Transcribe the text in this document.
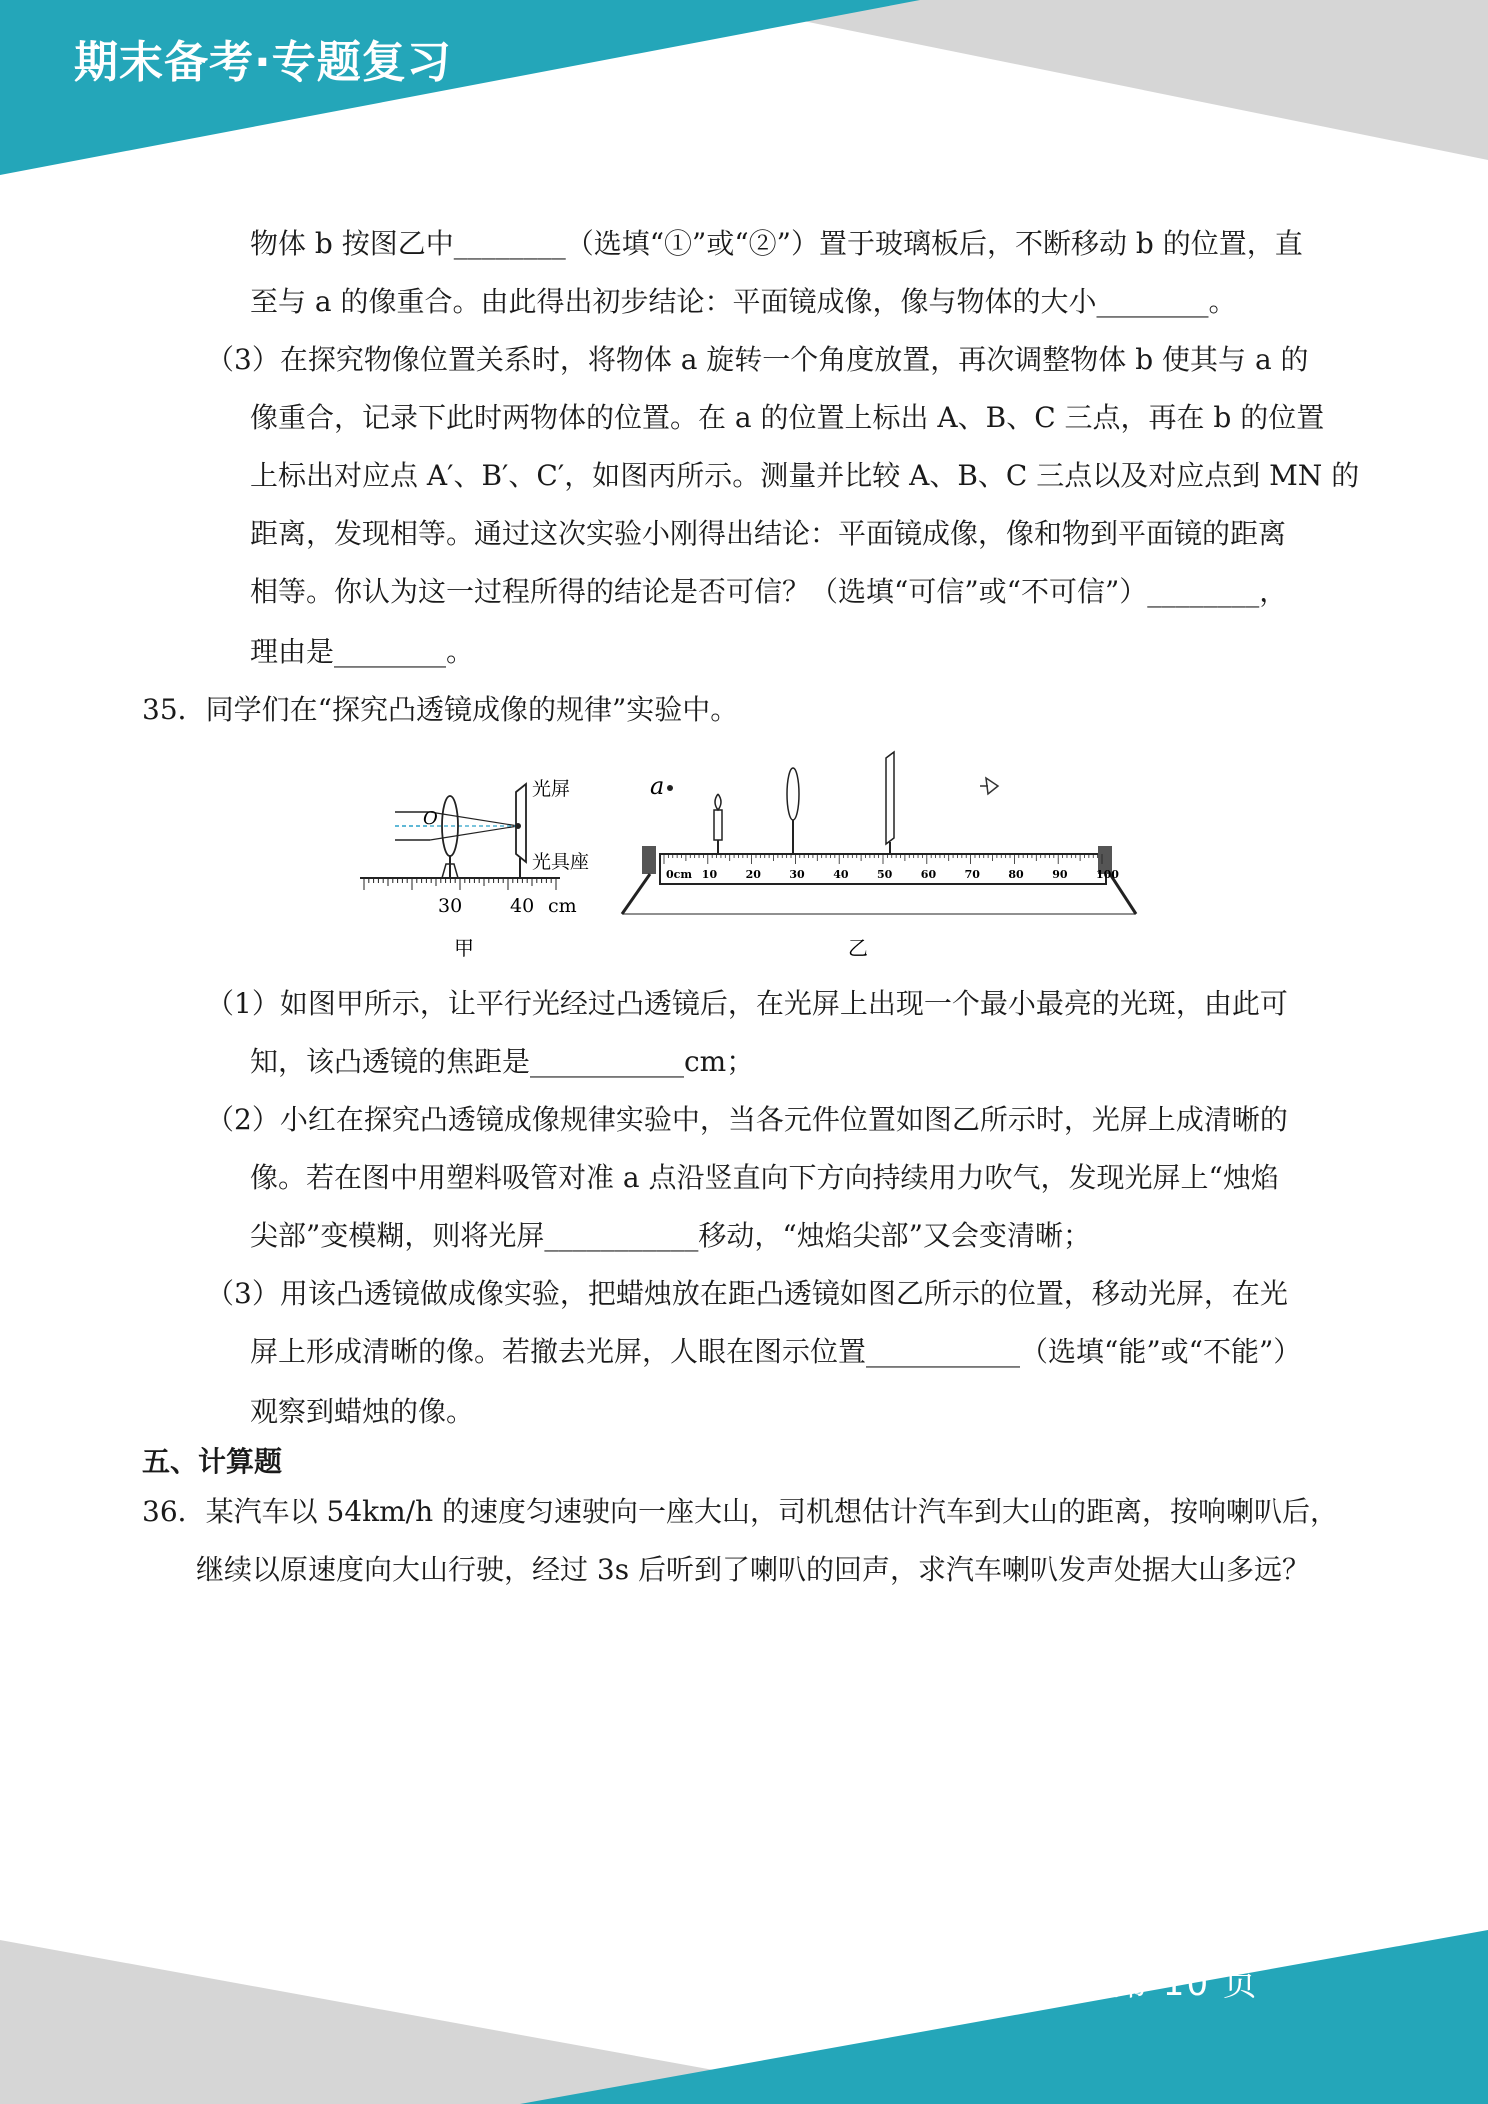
期末备考·专题复习
物体 b 按图乙中________（选填“①”或“②”）置于玻璃板后，不断移动 b 的位置，直
至与 a 的像重合。由此得出初步结论：平面镜成像，像与物体的大小________。
（3）在探究物像位置关系时，将物体 a 旋转一个角度放置，再次调整物体 b 使其与 a 的
像重合，记录下此时两物体的位置。在 a 的位置上标出 A、B、C 三点，再在 b 的位置
上标出对应点 A′、B′、C′，如图丙所示。测量并比较 A、B、C 三点以及对应点到 MN 的
距离，发现相等。通过这次实验小刚得出结论：平面镜成像，像和物到平面镜的距离
相等。你认为这一过程所得的结论是否可信？（选填“可信”或“不可信”）________，
理由是________。
35．同学们在“探究凸透镜成像的规律”实验中。
（1）如图甲所示，让平行光经过凸透镜后，在光屏上出现一个最小最亮的光斑，由此可
知，该凸透镜的焦距是___________cm；
（2）小红在探究凸透镜成像规律实验中，当各元件位置如图乙所示时，光屏上成清晰的
像。若在图中用塑料吸管对准 a 点沿竖直向下方向持续用力吹气，发现光屏上“烛焰
尖部”变模糊，则将光屏___________移动，“烛焰尖部”又会变清晰；
（3）用该凸透镜做成像实验，把蜡烛放在距凸透镜如图乙所示的位置，移动光屏，在光
屏上形成清晰的像。若撤去光屏，人眼在图示位置___________（选填“能”或“不能”）
观察到蜡烛的像。
五、计算题
36．某汽车以 54km/h 的速度匀速驶向一座大山，司机想估计汽车到大山的距离，按响喇叭后，
继续以原速度向大山行驶，经过 3s 后听到了喇叭的回声，求汽车喇叭发声处据大山多远？
光屏
光具座
O
30	40 cm
甲
a
0cm 10	20	30	40	50	60	70	80	90	100
乙
第 10 页
